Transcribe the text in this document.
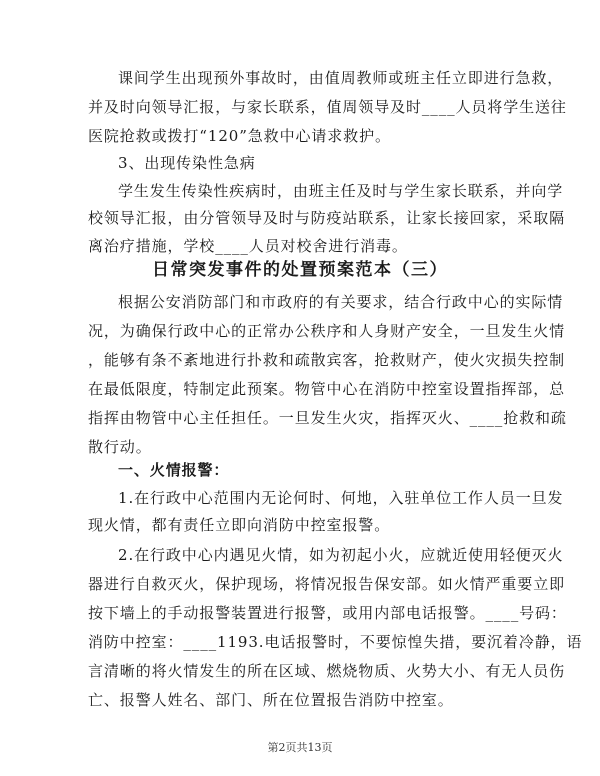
课间学生出现预外事故时，由值周教师或班主任立即进行急救，
并及时向领导汇报，与家长联系，值周领导及时____人员将学生送往
医院抢救或拨打“120”急救中心请求救护。
3、出现传染性急病
学生发生传染性疾病时，由班主任及时与学生家长联系，并向学
校领导汇报，由分管领导及时与防疫站联系，让家长接回家，采取隔
离治疗措施，学校____人员对校舍进行消毒。
日常突发事件的处置预案范本（三）
根据公安消防部门和市政府的有关要求，结合行政中心的实际情
况，为确保行政中心的正常办公秩序和人身财产安全，一旦发生火情
，能够有条不紊地进行扑救和疏散宾客，抢救财产，使火灾损失控制
在最低限度，特制定此预案。物管中心在消防中控室设置指挥部，总
指挥由物管中心主任担任。一旦发生火灾，指挥灭火、____抢救和疏
散行动。
一、火情报警：
1.在行政中心范围内无论何时、何地，入驻单位工作人员一旦发
现火情，都有责任立即向消防中控室报警。
2.在行政中心内遇见火情，如为初起小火，应就近使用轻便灭火
器进行自救灭火，保护现场，将情况报告保安部。如火情严重要立即
按下墙上的手动报警装置进行报警，或用内部电话报警。____号码：
消防中控室：____1193.电话报警时，不要惊惶失措，要沉着冷静，语
言清晰的将火情发生的所在区域、燃烧物质、火势大小、有无人员伤
亡、报警人姓名、部门、所在位置报告消防中控室。
第2页共13页
